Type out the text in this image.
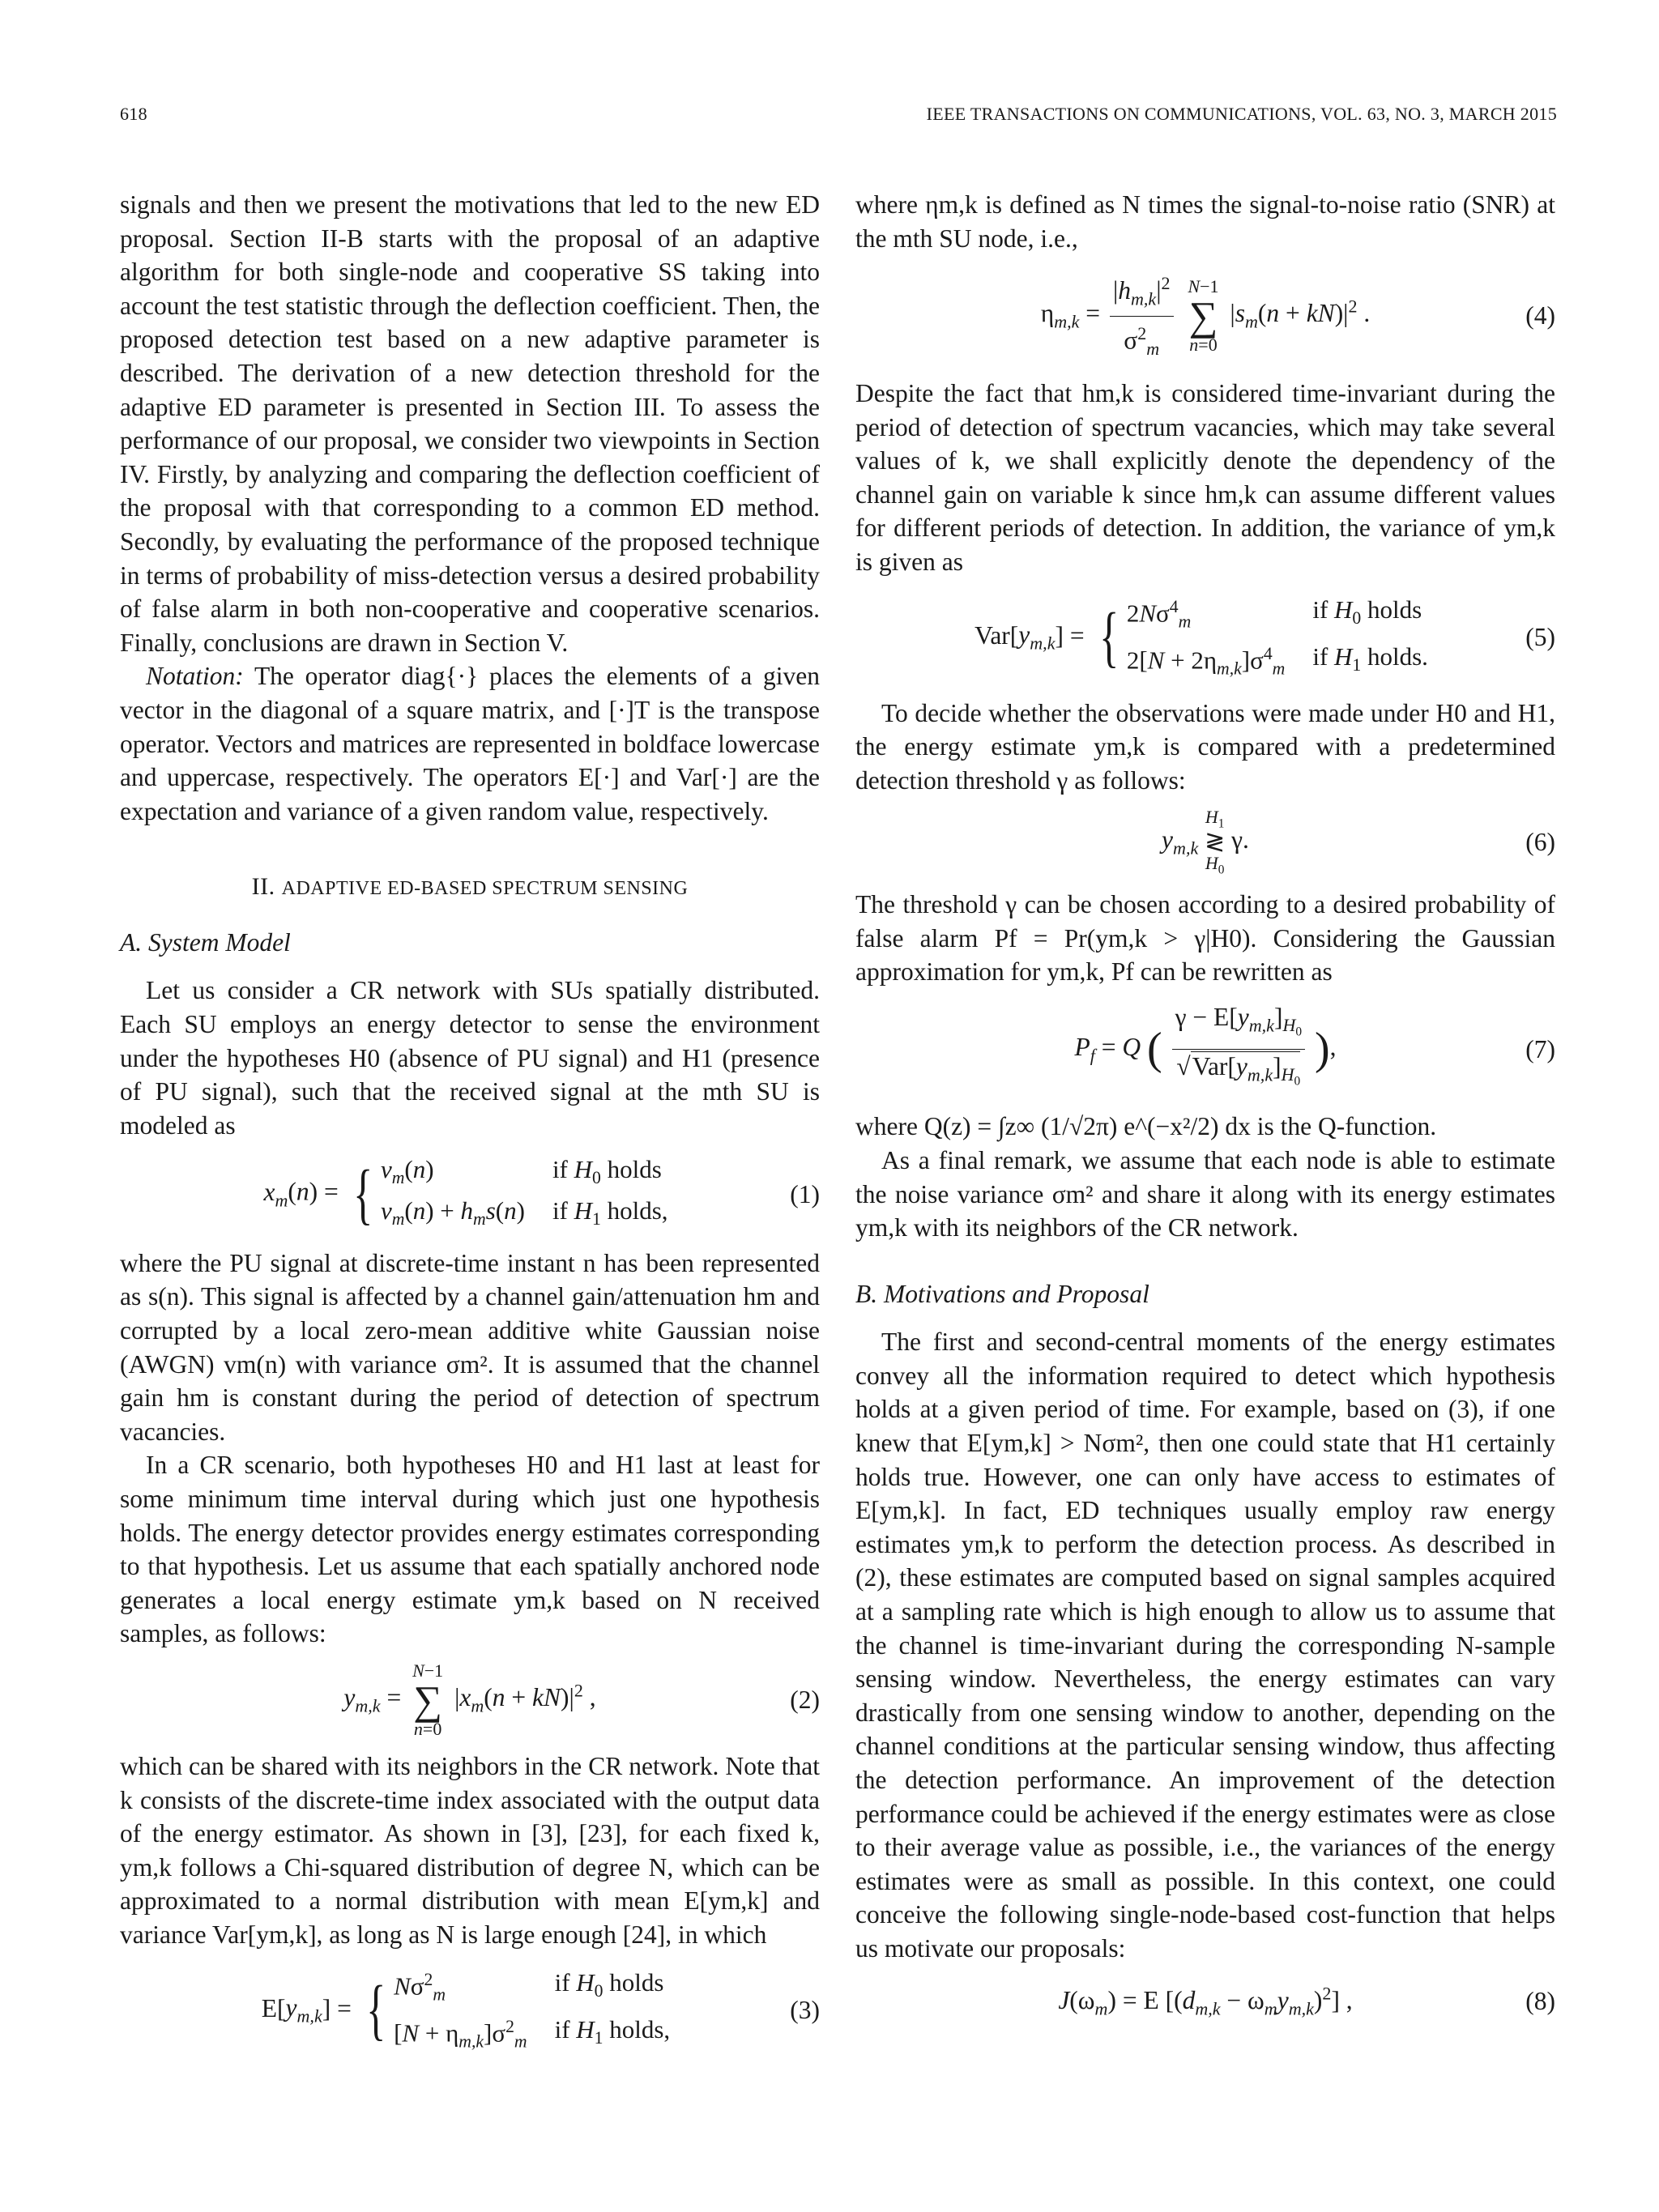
618	IEEE TRANSACTIONS ON COMMUNICATIONS, VOL. 63, NO. 3, MARCH 2015

signals and then we present the motivations that led to the new ED proposal. Section II-B starts with the proposal of an adaptive algorithm for both single-node and cooperative SS taking into account the test statistic through the deflection coefficient. Then, the proposed detection test based on a new adaptive parameter is described. The derivation of a new detection threshold for the adaptive ED parameter is presented in Section III. To assess the performance of our proposal, we consider two viewpoints in Section IV. Firstly, by analyzing and comparing the deflection coefficient of the proposal with that corresponding to a common ED method. Secondly, by evaluating the performance of the proposed technique in terms of probability of miss-detection versus a desired probability of false alarm in both non-cooperative and cooperative scenarios. Finally, conclusions are drawn in Section V.

Notation: The operator diag{·} places the elements of a given vector in the diagonal of a square matrix, and [·]T is the transpose operator. Vectors and matrices are represented in boldface lowercase and uppercase, respectively. The operators E[·] and Var[·] are the expectation and variance of a given random value, respectively.

II. ADAPTIVE ED-BASED SPECTRUM SENSING
A. System Model

Let us consider a CR network with SUs spatially distributed. Each SU employs an energy detector to sense the environment under the hypotheses H0 (absence of PU signal) and H1 (presence of PU signal), such that the received signal at the mth SU is modeled as

$x_m(n)$ = { $v_m(n)$	if $H_0$ holds
$v_m(n) + h_ms(n)$	if $H_1$ holds,
(1)

where the PU signal at discrete-time instant n has been represented as s(n). This signal is affected by a channel gain/attenuation hm and corrupted by a local zero-mean additive white Gaussian noise (AWGN) vm(n) with variance σm². It is assumed that the channel gain hm is constant during the period of detection of spectrum vacancies.

In a CR scenario, both hypotheses H0 and H1 last at least for some minimum time interval during which just one hypothesis holds. The energy detector provides energy estimates corresponding to that hypothesis. Let us assume that each spatially anchored node generates a local energy estimate ym,k based on N received samples, as follows:

$y_{m,k}$ =
N−1
∑
n=0
$|x_m(n + kN)|^2$ ,	(2)

which can be shared with its neighbors in the CR network. Note that k consists of the discrete-time index associated with the output data of the energy estimator. As shown in [3], [23], for each fixed k, ym,k follows a Chi-squared distribution of degree N, which can be approximated to a normal distribution with mean E[ym,k] and variance Var[ym,k], as long as N is large enough [24], in which

$E[y_{m,k}]$ = { $N\sigma^2_m$	if $H_0$ holds
$[N + \eta_{m,k}]\sigma^2_m$	if $H_1$ holds,
(3)

where ηm,k is defined as N times the signal-to-noise ratio (SNR) at the mth SU node, i.e.,

$\eta_{m,k} = \frac{|h_{m,k}|^2}{\sigma^2_m}$
N−1
∑
n=0
$|s_m(n + kN)|^2$ .	(4)

Despite the fact that hm,k is considered time-invariant during the period of detection of spectrum vacancies, which may take several values of k, we shall explicitly denote the dependency of the channel gain on variable k since hm,k can assume different values for different periods of detection. In addition, the variance of ym,k is given as

$Var[y_{m,k}]$ = { $2N\sigma^4_m$	if $H_0$ holds
$2[N + 2\eta_{m,k}]\sigma^4_m$	if $H_1$ holds.
(5)

To decide whether the observations were made under H0 and H1, the energy estimate ym,k is compared with a predetermined detection threshold γ as follows:

$y_{m,k}$
$H_1$
≷
$H_0$
γ.	(6)

The threshold γ can be chosen according to a desired probability of false alarm Pf = Pr(ym,k > γ|H0). Considering the Gaussian approximation for ym,k, Pf can be rewritten as

$P_f = Q$ ( $\frac{\gamma - E[y_{m,k}]_{H_0}}{√Var[y_{m,k}]_{H_0}}$ ),	(7)

where Q(z) = ∫z∞ (1/√2π) e^(−x²/2) dx is the Q-function.

As a final remark, we assume that each node is able to estimate the noise variance σm² and share it along with its energy estimates ym,k with its neighbors of the CR network.

B. Motivations and Proposal

The first and second-central moments of the energy estimates convey all the information required to detect which hypothesis holds at a given period of time. For example, based on (3), if one knew that E[ym,k] > Nσm², then one could state that H1 certainly holds true. However, one can only have access to estimates of E[ym,k]. In fact, ED techniques usually employ raw energy estimates ym,k to perform the detection process. As described in (2), these estimates are computed based on signal samples acquired at a sampling rate which is high enough to allow us to assume that the channel is time-invariant during the corresponding N-sample sensing window. Nevertheless, the energy estimates can vary drastically from one sensing window to another, depending on the channel conditions at the particular sensing window, thus affecting the detection performance. An improvement of the detection performance could be achieved if the energy estimates were as close to their average value as possible, i.e., the variances of the energy estimates were as small as possible. In this context, one could conceive the following single-node-based cost-function that helps us motivate our proposals:

$J(\omega_m) = E$ $[(d_{m,k} - \omega_my_{m,k})^2]$ ,	(8)
